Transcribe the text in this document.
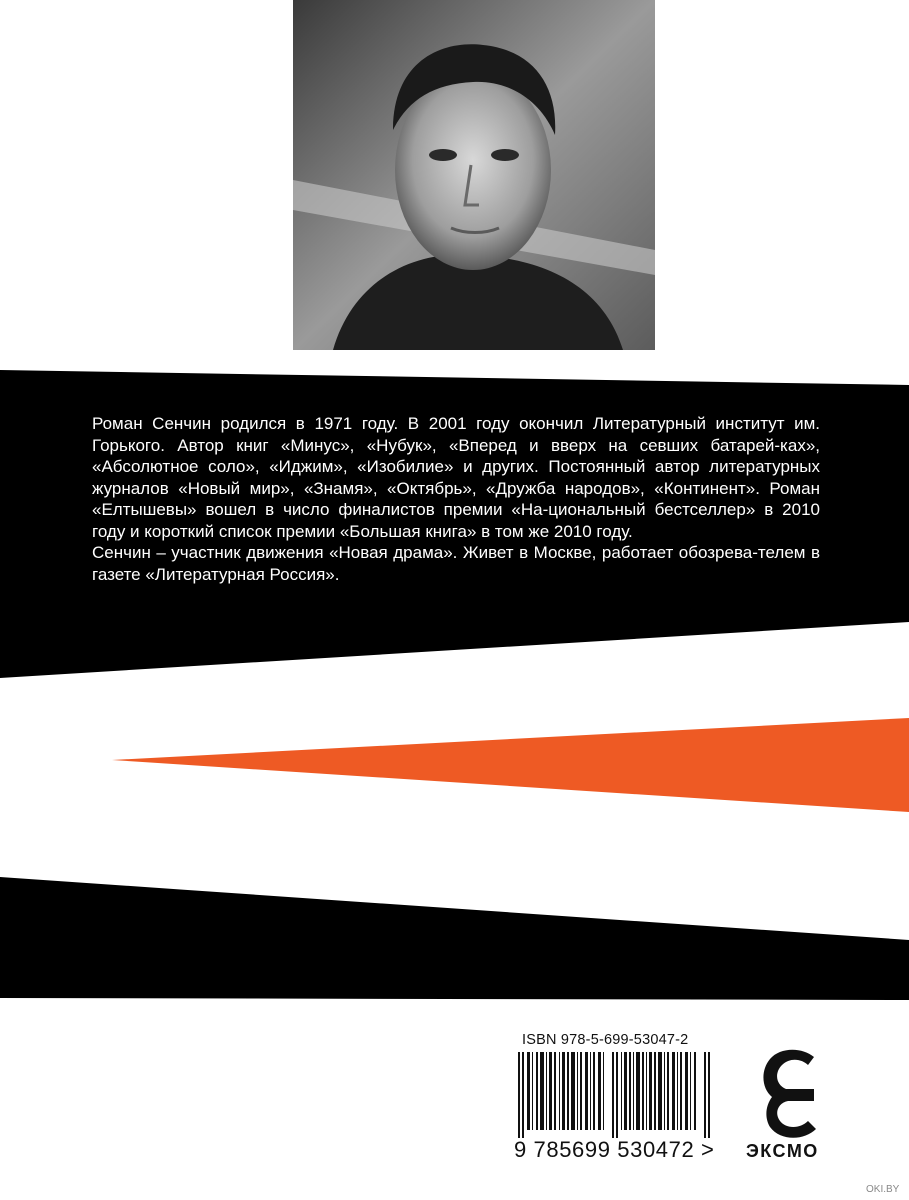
Роман Сенчин родился в 1971 году. В 2001 году окончил Литературный институт им. Горького. Автор книг «Минус», «Нубук», «Вперед и вверх на севших батарей-ках», «Абсолютное соло», «Иджим», «Изобилие» и других. Постоянный автор литературных журналов «Новый мир», «Знамя», «Октябрь», «Дружба народов», «Континент». Роман «Елтышевы» вошел в число финалистов премии «На-циональный бестселлер» в 2010 году и короткий список премии «Большая книга» в том же 2010 году.

Сенчин – участник движения «Новая драма». Живет в Москве, работает обозрева-телем в газете «Литературная Россия».

ISBN 978-5-699-53047-2
9 785699 530472 > ЭКСМО
OKI.BY
